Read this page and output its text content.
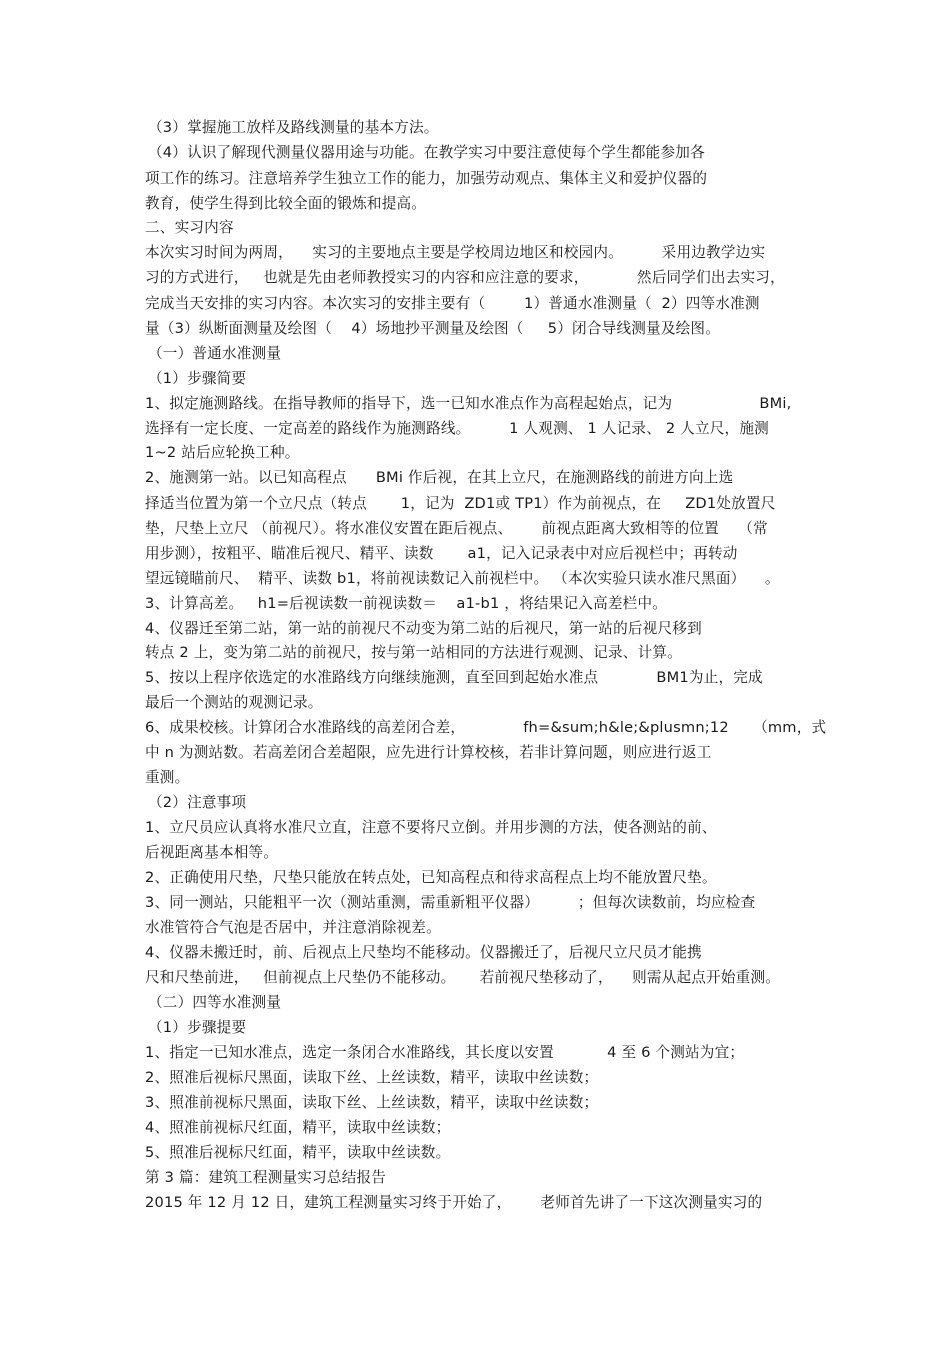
（3）掌握施工放样及路线测量的基本方法。
（4）认识了解现代测量仪器用途与功能。在教学实习中要注意使每个学生都能参加各
项工作的练习。注意培养学生独立工作的能力，加强劳动观点、集体主义和爱护仪器的
教育，使学生得到比较全面的锻炼和提高。
二、实习内容
本次实习时间为两周，    实习的主要地点主要是学校周边地区和校园内。        采用边教学边实
习的方式进行，   也就是先由老师教授实习的内容和应注意的要求，          然后同学们出去实习，
完成当天安排的实习内容。本次实习的安排主要有（        1）普通水准测量（  2）四等水准测
量（3）纵断面测量及绘图（    4）场地抄平测量及绘图（     5）闭合导线测量及绘图。
（一）普通水准测量
（1）步骤简要
1、拟定施测路线。在指导教师的指导下，选一已知水准点作为高程起始点，记为                  BMi,
选择有一定长度、一定高差的路线作为施测路线。        1 人观测、 1 人记录、 2 人立尺，施测
1~2 站后应轮换工种。
2、施测第一站。以已知高程点      BMi 作后视，在其上立尺，在施测路线的前进方向上选
择适当位置为第一个立尺点（转点       1，记为  ZD1或 TP1）作为前视点，在     ZD1处放置尺
垫，尺垫上立尺 （前视尺）。将水准仪安置在距后视点、      前视点距离大致相等的位置    （常
用步测），按粗平、瞄准后视尺、精平、读数       a1，记入记录表中对应后视栏中；再转动
望远镜瞄前尺、  精平、读数 b1，将前视读数记入前视栏中。 （本次实验只读水准尺黑面）    。
3、计算高差。   h1=后视读数一前视读数＝    a1-b1 ，将结果记入高差栏中。
4、仪器迁至第二站，第一站的前视尺不动变为第二站的后视尺，第一站的后视尺移到
转点 2 上，变为第二站的前视尺，按与第一站相同的方法进行观测、记录、计算。
5、按以上程序依选定的水准路线方向继续施测，直至回到起始水准点            BM1为止，完成
最后一个测站的观测记录。
6、成果校核。计算闭合水准路线的高差闭合差，            fh=&sum;h&le;&plusmn;12     （mm，式
中 n 为测站数。若高差闭合差超限，应先进行计算校核，若非计算问题，则应进行返工
重测。
（2）注意事项
1、立尺员应认真将水准尺立直，注意不要将尺立倒。并用步测的方法，使各测站的前、
后视距离基本相等。
2、正确使用尺垫，尺垫只能放在转点处，已知高程点和待求高程点上均不能放置尺垫。
3、同一测站，只能粗平一次（测站重测，需重新粗平仪器）        ；但每次读数前，均应检查
水准管符合气泡是否居中，并注意消除视差。
4、仪器未搬迁时，前、后视点上尺垫均不能移动。仪器搬迁了，后视尺立尺员才能携
尺和尺垫前进，   但前视点上尺垫仍不能移动。     若前视尺垫移动了，    则需从起点开始重测。
（二）四等水准测量
（1）步骤提要
1、指定一已知水准点，选定一条闭合水准路线，其长度以安置           4 至 6 个测站为宜；
2、照准后视标尺黑面，读取下丝、上丝读数，精平，读取中丝读数；
3、照准前视标尺黑面，读取下丝、上丝读数，精平，读取中丝读数；
4、照准前视标尺红面，精平，读取中丝读数；
5、照准后视标尺红面，精平，读取中丝读数。
第 3 篇：建筑工程测量实习总结报告
2015 年 12 月 12 日，建筑工程测量实习终于开始了，      老师首先讲了一下这次测量实习的
